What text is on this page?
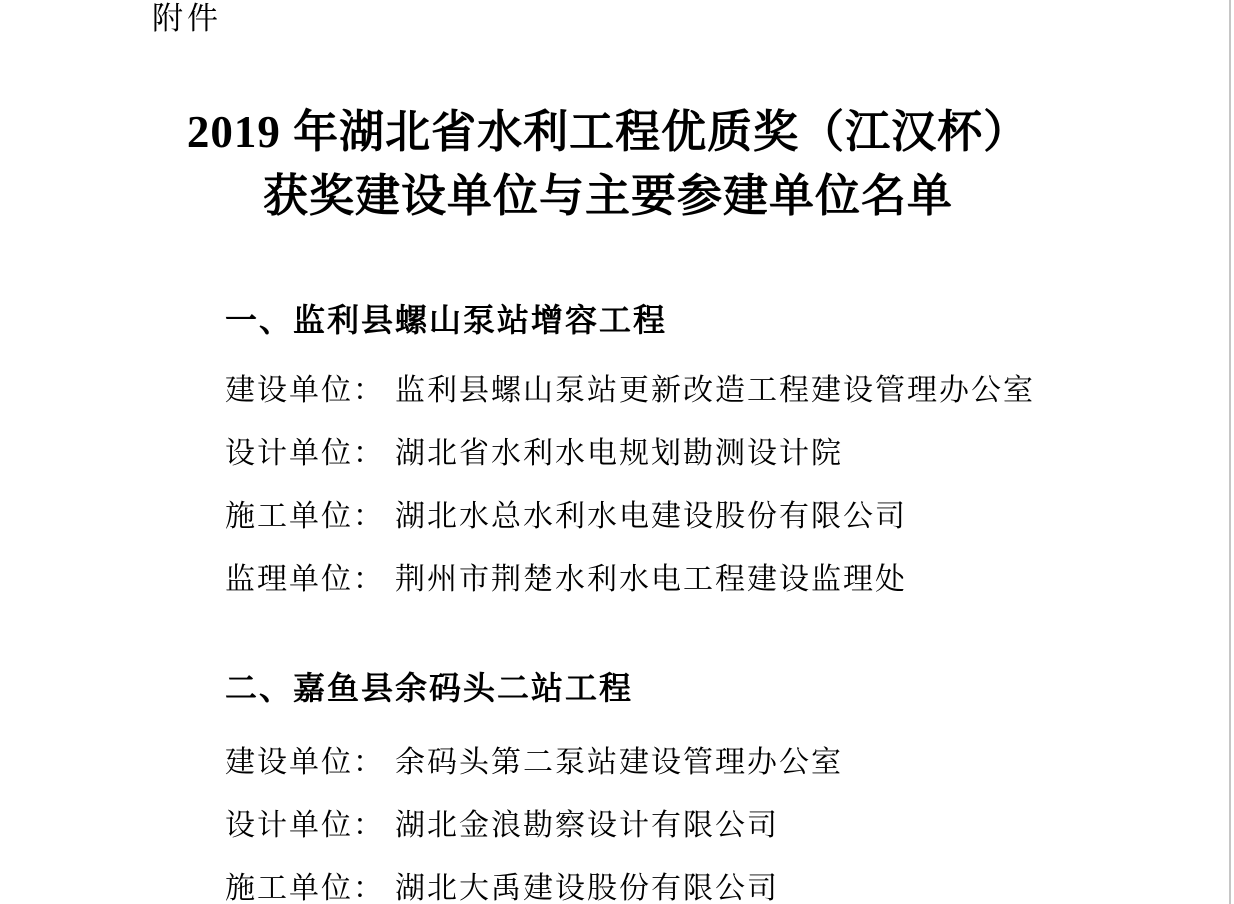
附件
2019 年湖北省水利工程优质奖（江汉杯）
获奖建设单位与主要参建单位名单
一、监利县螺山泵站增容工程
建设单位： 监利县螺山泵站更新改造工程建设管理办公室
设计单位： 湖北省水利水电规划勘测设计院
施工单位： 湖北水总水利水电建设股份有限公司
监理单位： 荆州市荆楚水利水电工程建设监理处
二、嘉鱼县余码头二站工程
建设单位： 余码头第二泵站建设管理办公室
设计单位： 湖北金浪勘察设计有限公司
施工单位： 湖北大禹建设股份有限公司
